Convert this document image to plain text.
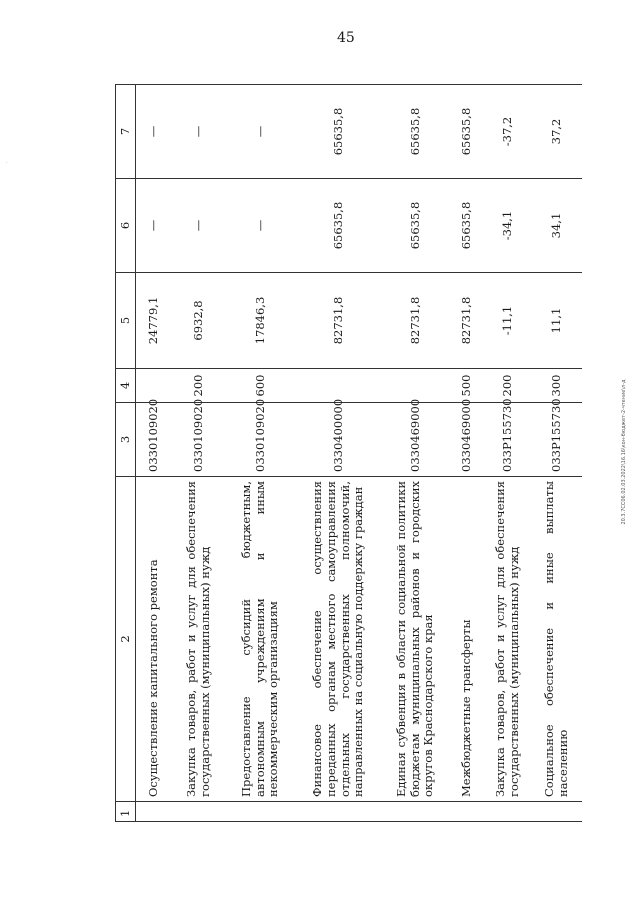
45
20.3.7СС06.02.03.2022\16.16\кон-бюджет-2-чтение\л-д
·
1	2	3	4	5	6	7
	Осуществление капитального ремонта	0330109020		24779,1	—	—
	Закупка товаров, работ и услуг для обеспечения государственных (муниципальных) нужд	0330109020	200	6932,8	—	—
	Предоставление субсидий бюджетным, автономным учреждениям и иным некоммерческим организациям	0330109020	600	17846,3	—	—
	Финансовое обеспечение осуществления переданных органам местного самоуправления отдельных государственных полномочий, направленных на социальную поддержку граждан	0330400000		82731,8	65635,8	65635,8
	Единая субвенция в области социальной политики бюджетам муниципальных районов и городских округов Краснодарского края	0330469000		82731,8	65635,8	65635,8
	Межбюджетные трансферты	0330469000	500	82731,8	65635,8	65635,8
	Закупка товаров, работ и услуг для обеспечения государственных (муниципальных) нужд	033P155730	200	-11,1	-34,1	-37,2
	Социальное обеспечение и иные выплаты населению	033P155730	300	11,1	34,1	37,2
